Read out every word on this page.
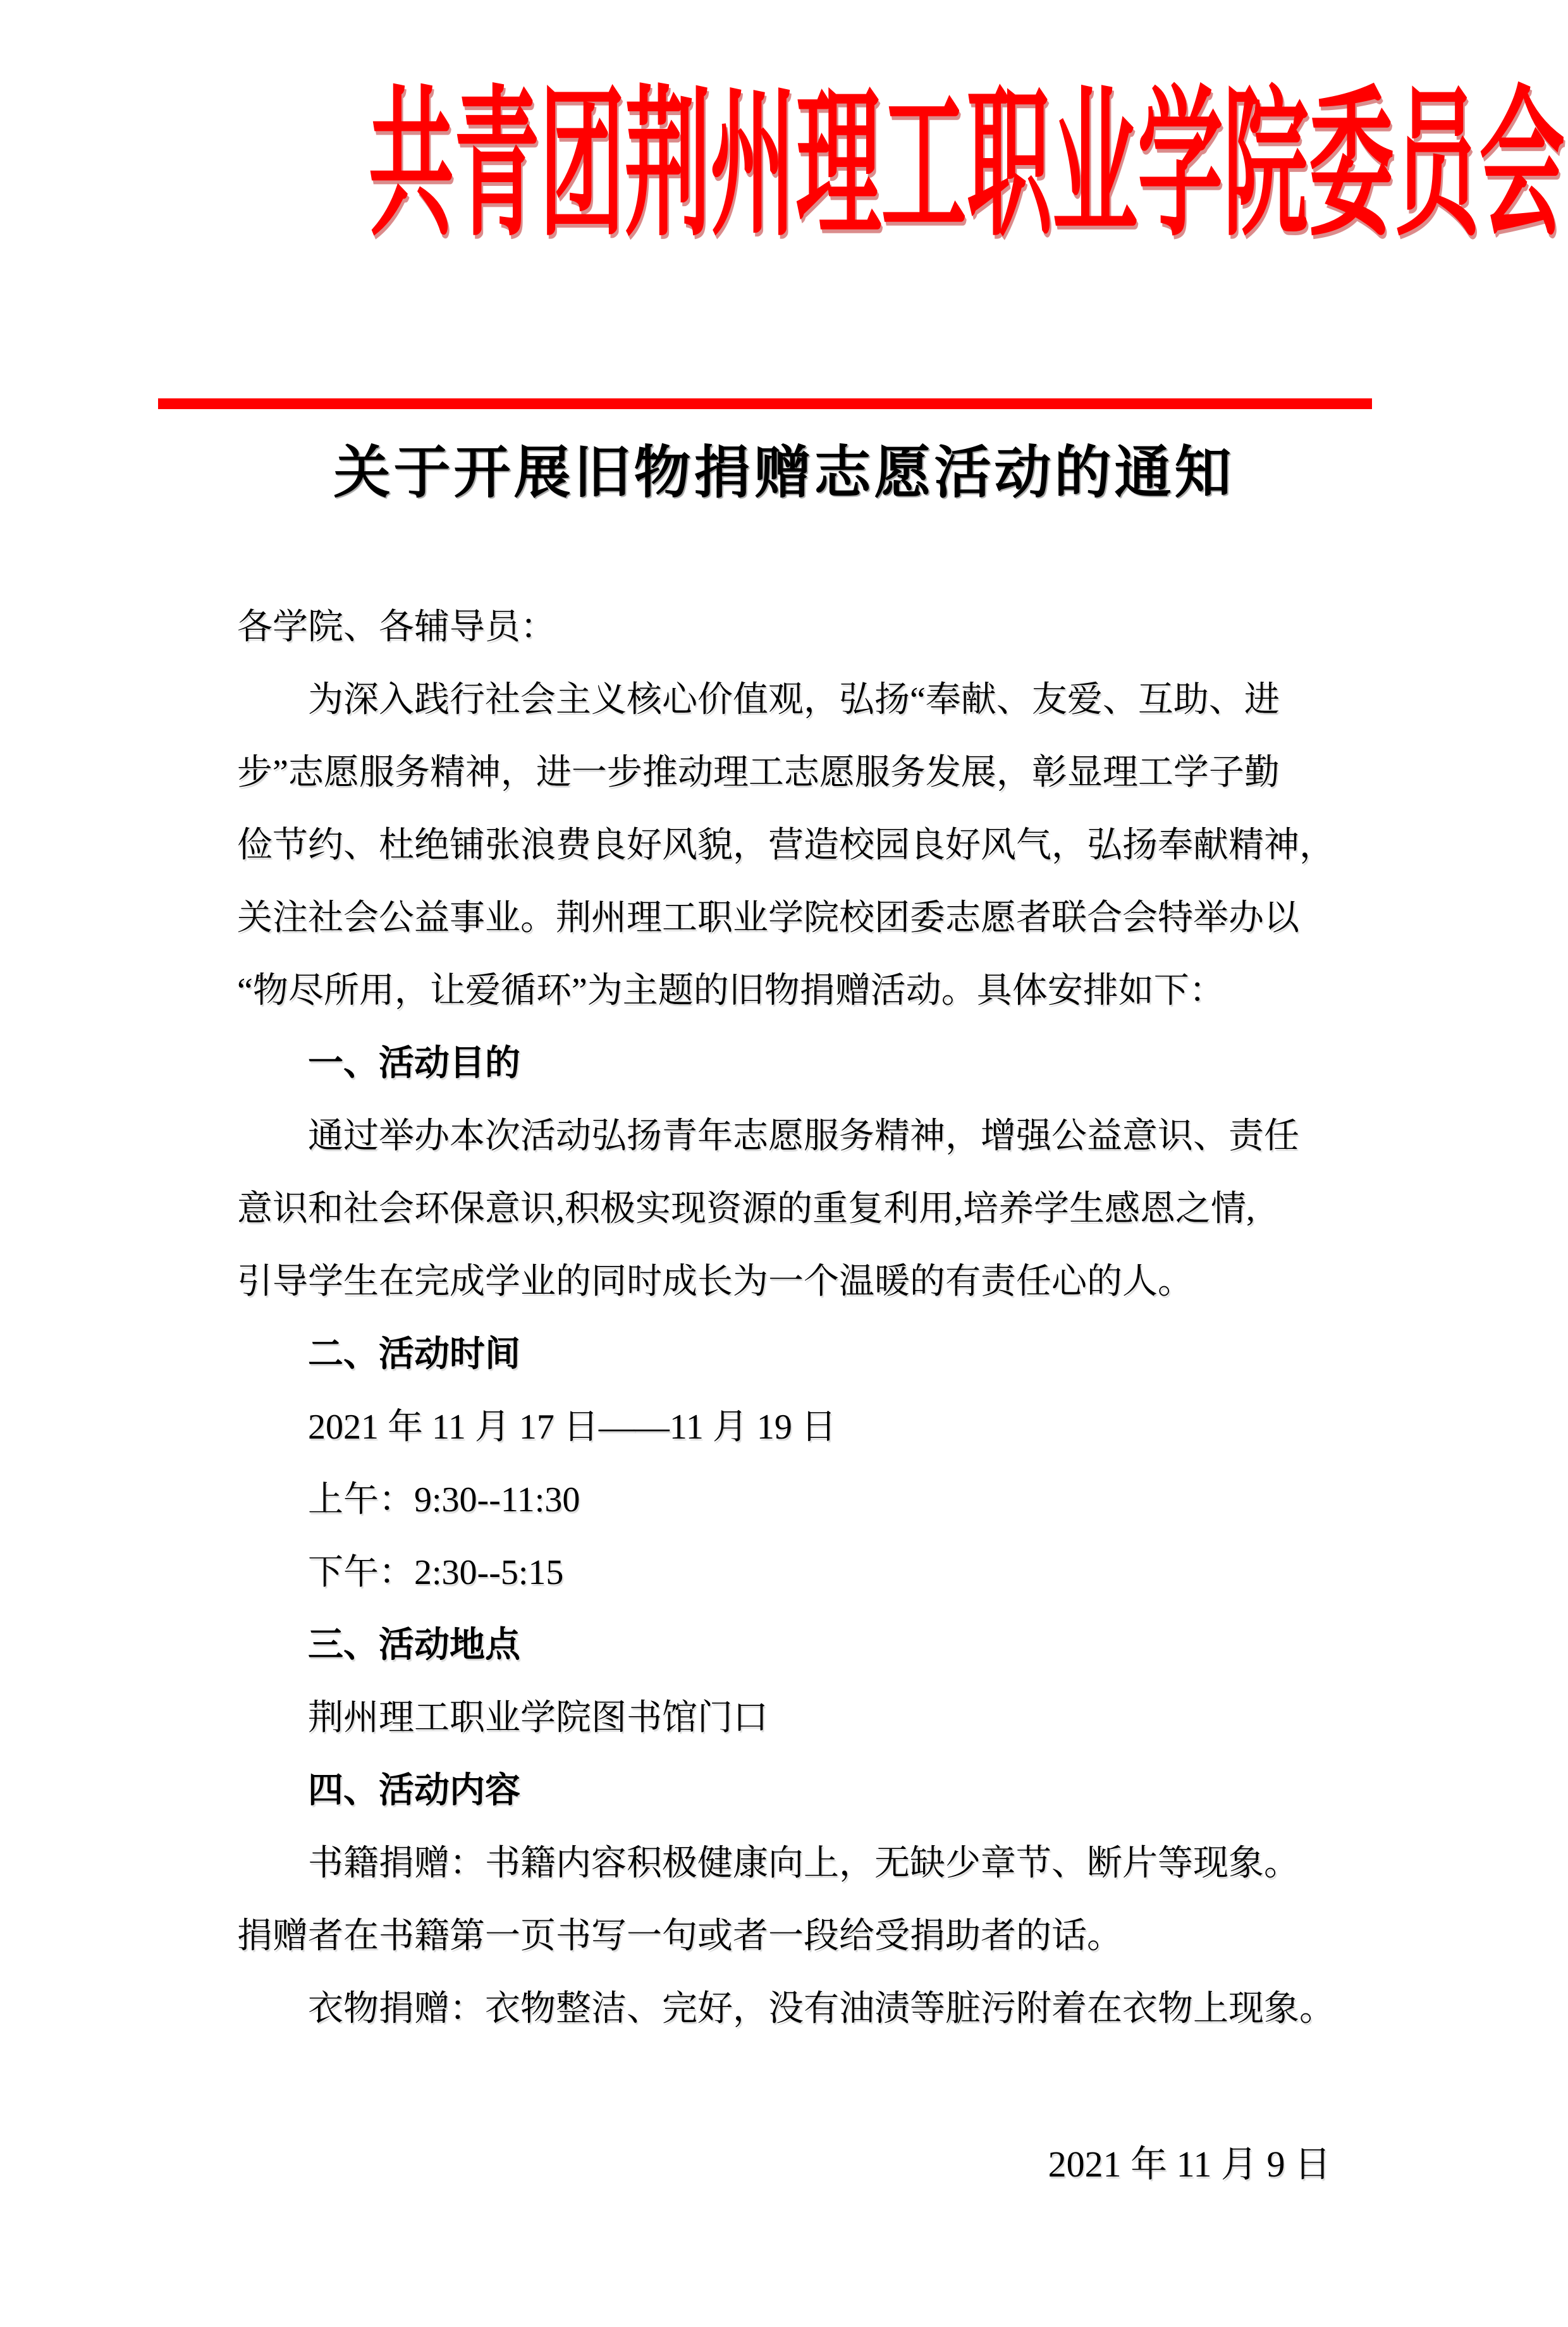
共青团荆州理工职业学院委员会
关于开展旧物捐赠志愿活动的通知
各学院、各辅导员：
为深入践行社会主义核心价值观，弘扬“奉献、友爱、互助、进
步”志愿服务精神，进一步推动理工志愿服务发展，彰显理工学子勤
俭节约、杜绝铺张浪费良好风貌，营造校园良好风气，弘扬奉献精神，
关注社会公益事业。荆州理工职业学院校团委志愿者联合会特举办以
“物尽所用，让爱循环”为主题的旧物捐赠活动。具体安排如下：
一、活动目的
通过举办本次活动弘扬青年志愿服务精神，增强公益意识、责任
意识和社会环保意识,积极实现资源的重复利用,培养学生感恩之情,
引导学生在完成学业的同时成长为一个温暖的有责任心的人。
二、活动时间
2021 年 11 月 17 日——11 月 19 日
上午：9:30--11:30
下午：2:30--5:15
三、活动地点
荆州理工职业学院图书馆门口
四、活动内容
书籍捐赠：书籍内容积极健康向上，无缺少章节、断片等现象。
捐赠者在书籍第一页书写一句或者一段给受捐助者的话。
衣物捐赠：衣物整洁、完好，没有油渍等脏污附着在衣物上现象。
2021 年 11 月 9 日
